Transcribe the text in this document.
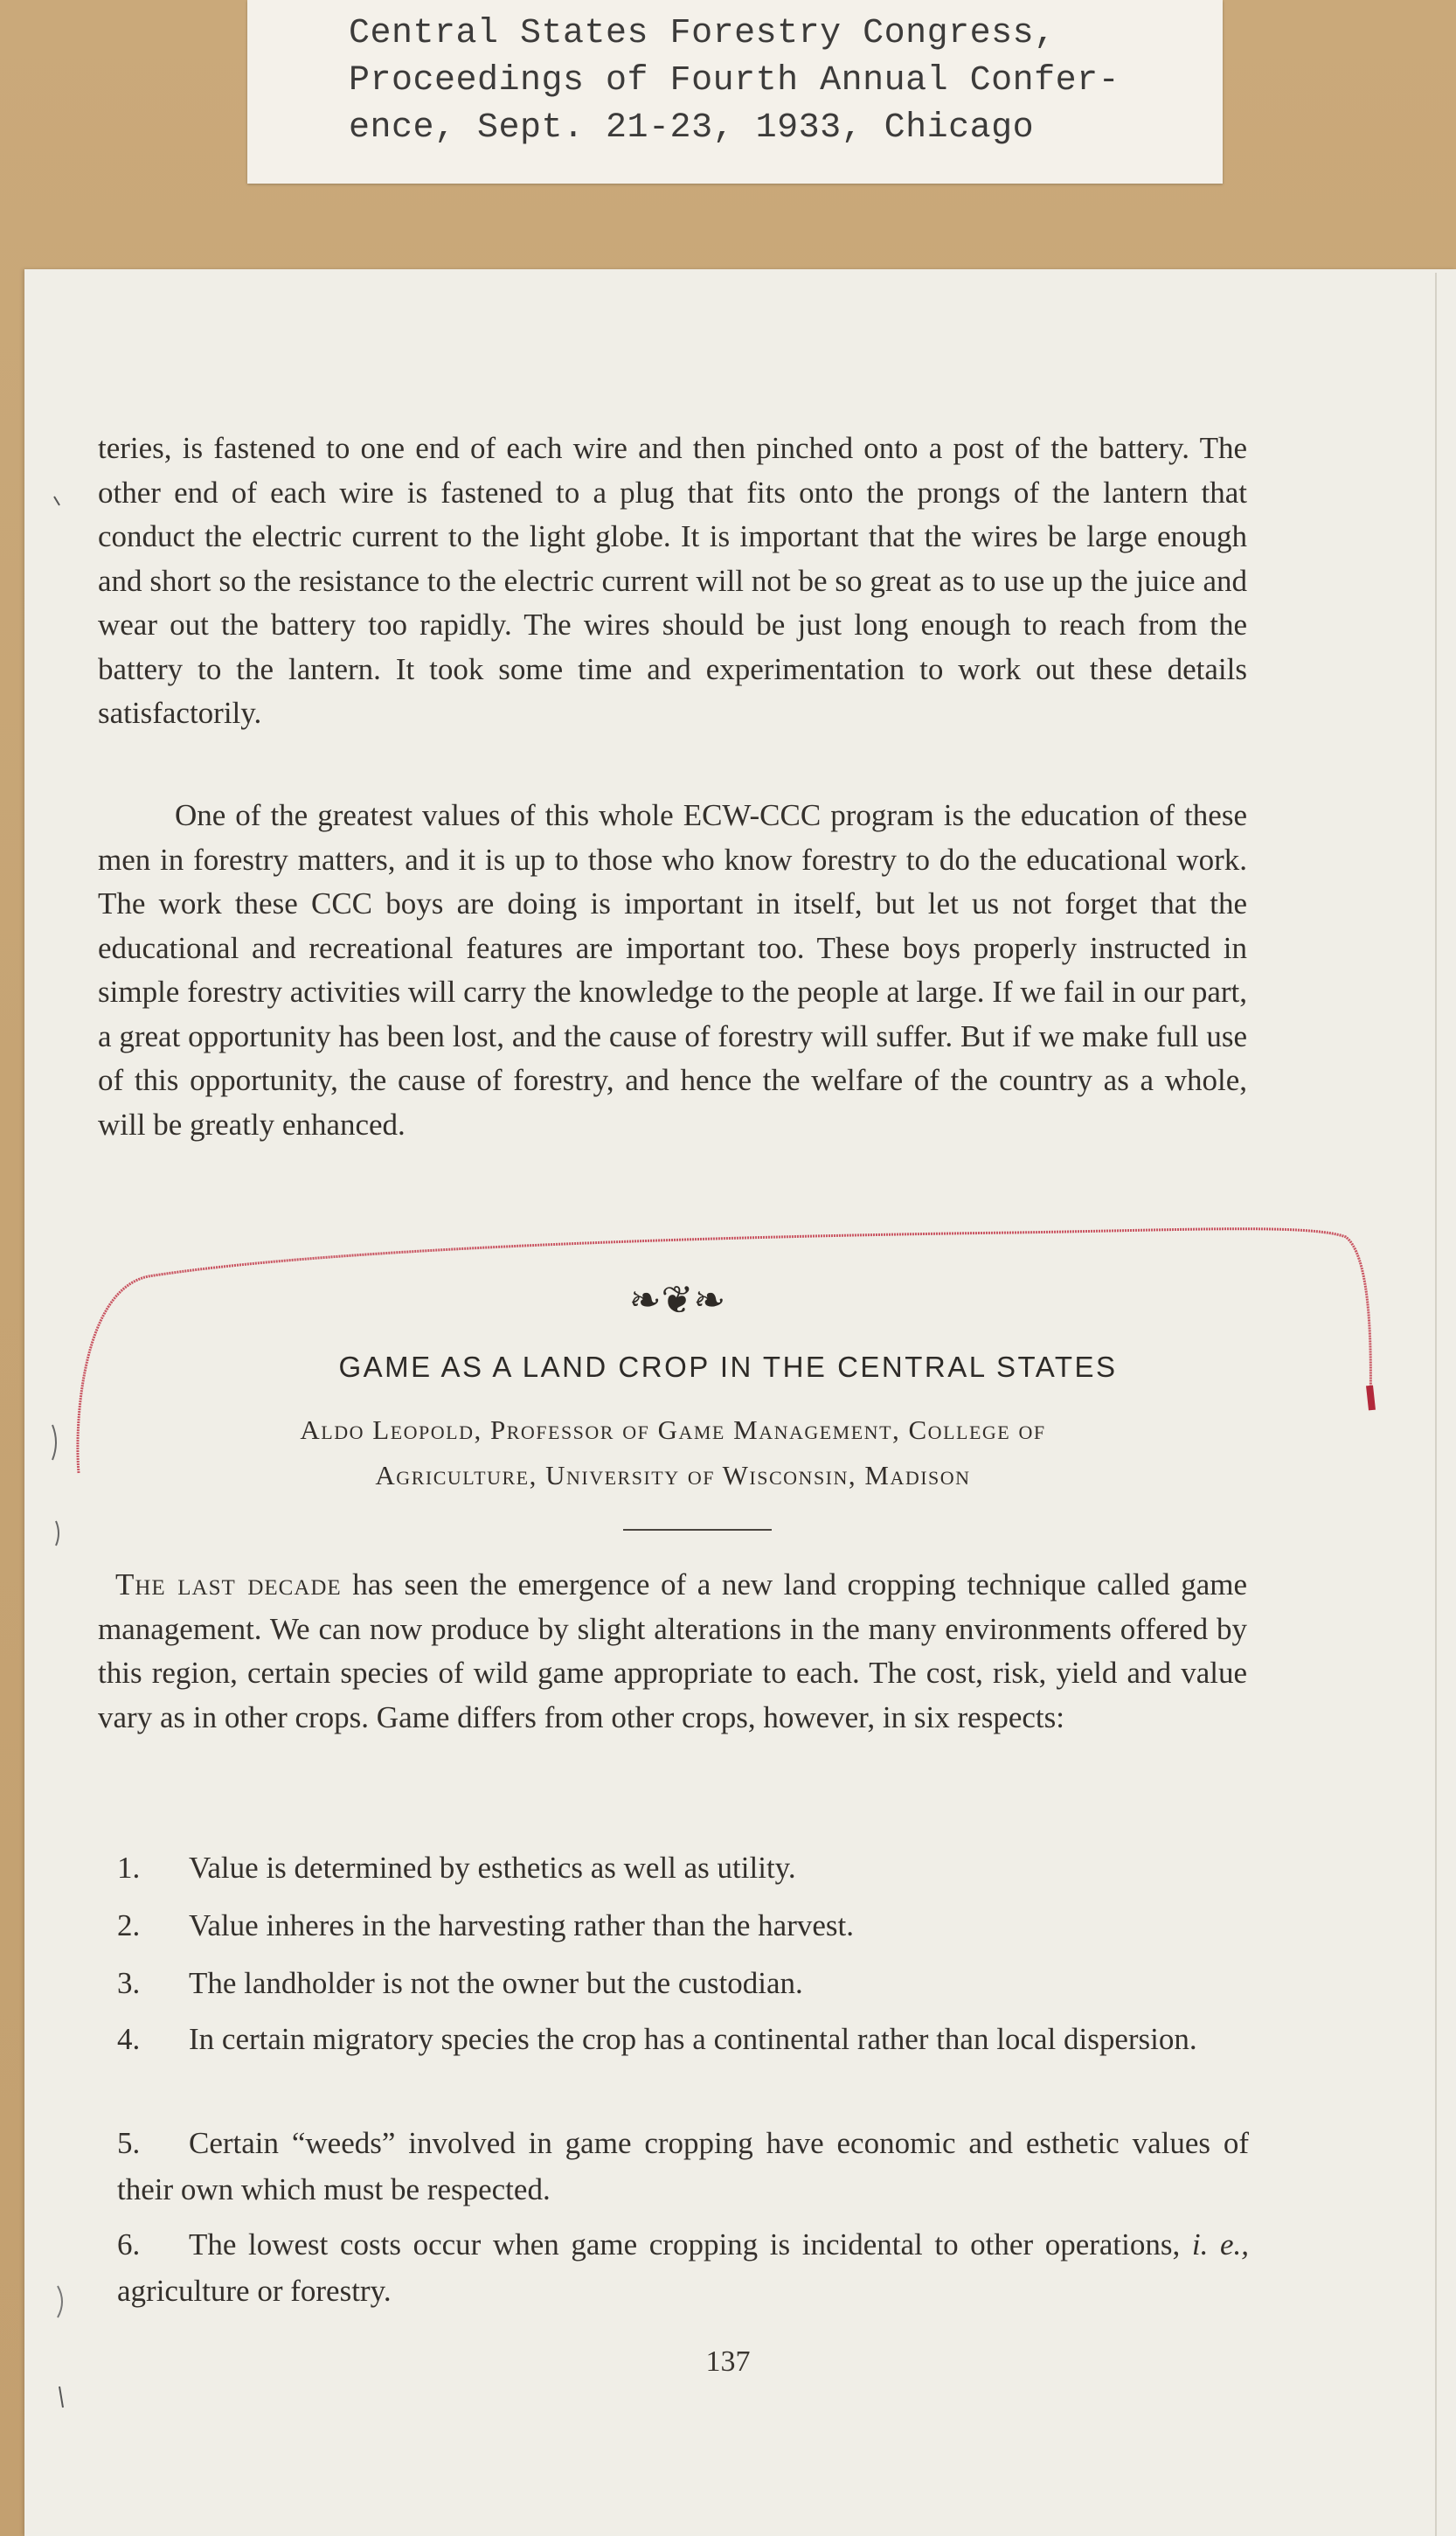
Central States Forestry Congress,
Proceedings of Fourth Annual Confer-
ence, Sept. 21-23, 1933, Chicago

teries, is fastened to one end of each wire and then pinched onto a post of the battery. The other end of each wire is fastened to a plug that fits onto the prongs of the lantern that conduct the electric current to the light globe. It is important that the wires be large enough and short so the resistance to the electric current will not be so great as to use up the juice and wear out the battery too rapidly. The wires should be just long enough to reach from the battery to the lantern. It took some time and experimentation to work out these details satisfactorily.

One of the greatest values of this whole ECW-CCC program is the education of these men in forestry matters, and it is up to those who know forestry to do the educational work. The work these CCC boys are doing is important in itself, but let us not forget that the educational and recreational features are important too. These boys properly instructed in simple forestry activities will carry the knowledge to the people at large. If we fail in our part, a great opportunity has been lost, and the cause of forestry will suffer. But if we make full use of this opportunity, the cause of forestry, and hence the welfare of the country as a whole, will be greatly enhanced.

❧❦❧
GAME AS A LAND CROP IN THE CENTRAL STATES
Aldo Leopold, Professor of Game Management, College of
Agriculture, University of Wisconsin, Madison

The last decade has seen the emergence of a new land cropping technique called game management. We can now produce by slight alterations in the many environments offered by this region, certain species of wild game appropriate to each. The cost, risk, yield and value vary as in other crops. Game differs from other crops, however, in six respects:

1. Value is determined by esthetics as well as utility.
2. Value inheres in the harvesting rather than the harvest.
3. The landholder is not the owner but the custodian.
4. In certain migratory species the crop has a continental rather than local dispersion.
5. Certain “weeds” involved in game cropping have economic and esthetic values of their own which must be respected.
6. The lowest costs occur when game cropping is incidental to other operations, i. e., agriculture or forestry.
137
